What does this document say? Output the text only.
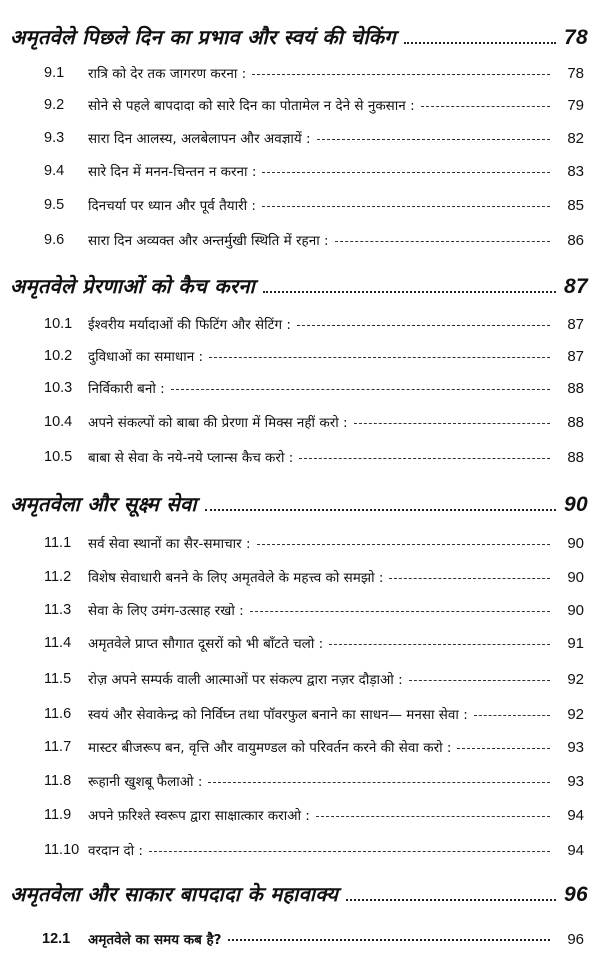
अमृतवेले पिछले दिन का प्रभाव और स्वयं की चेकिंग	78
9.1	रात्रि को देर तक जागरण करना :	78
9.2	सोने से पहले बापदादा को सारे दिन का पोतामेल न देने से नुकसान :	79
9.3	सारा दिन आलस्य, अलबेलापन और अवज्ञायें :	82
9.4	सारे दिन में मनन-चिन्तन न करना :	83
9.5	दिनचर्या पर ध्यान और पूर्व तैयारी :	85
9.6	सारा दिन अव्यक्त और अन्तर्मुखी स्थिति में रहना :	86
अमृतवेले प्रेरणाओं को कैच करना	87
10.1	ईश्वरीय मर्यादाओं की फिटिंग और सेटिंग :	87
10.2	दुविधाओं का समाधान :	87
10.3	निर्विकारी बनो :	88
10.4	अपने संकल्पों को बाबा की प्रेरणा में मिक्स नहीं करो :	88
10.5	बाबा से सेवा के नये-नये प्लान्स कैच करो :	88
अमृतवेला और सूक्ष्म सेवा	90
11.1	सर्व सेवा स्थानों का सैर-समाचार :	90
11.2	विशेष सेवाधारी बनने के लिए अमृतवेले के महत्त्व को समझो :	90
11.3	सेवा के लिए उमंग-उत्साह रखो :	90
11.4	अमृतवेले प्राप्त सौगात दूसरों को भी बाँटते चलो :	91
11.5	रोज़ अपने सम्पर्क वाली आत्माओं पर संकल्प द्वारा नज़र दौड़ाओ :	92
11.6	स्वयं और सेवाकेन्द्र को निर्विघ्न तथा पॉवरफुल बनाने का साधन— मनसा सेवा :	92
11.7	मास्टर बीजरूप बन, वृत्ति और वायुमण्डल को परिवर्तन करने की सेवा करो :	93
11.8	रूहानी खुशबू फैलाओ :	93
11.9	अपने फ़रिश्ते स्वरूप द्वारा साक्षात्कार कराओ :	94
11.10 वरदान दो :	94
अमृतवेला और साकार बापदादा के महावाक्य	96
12.1	अमृतवेले का समय कब है?	96
